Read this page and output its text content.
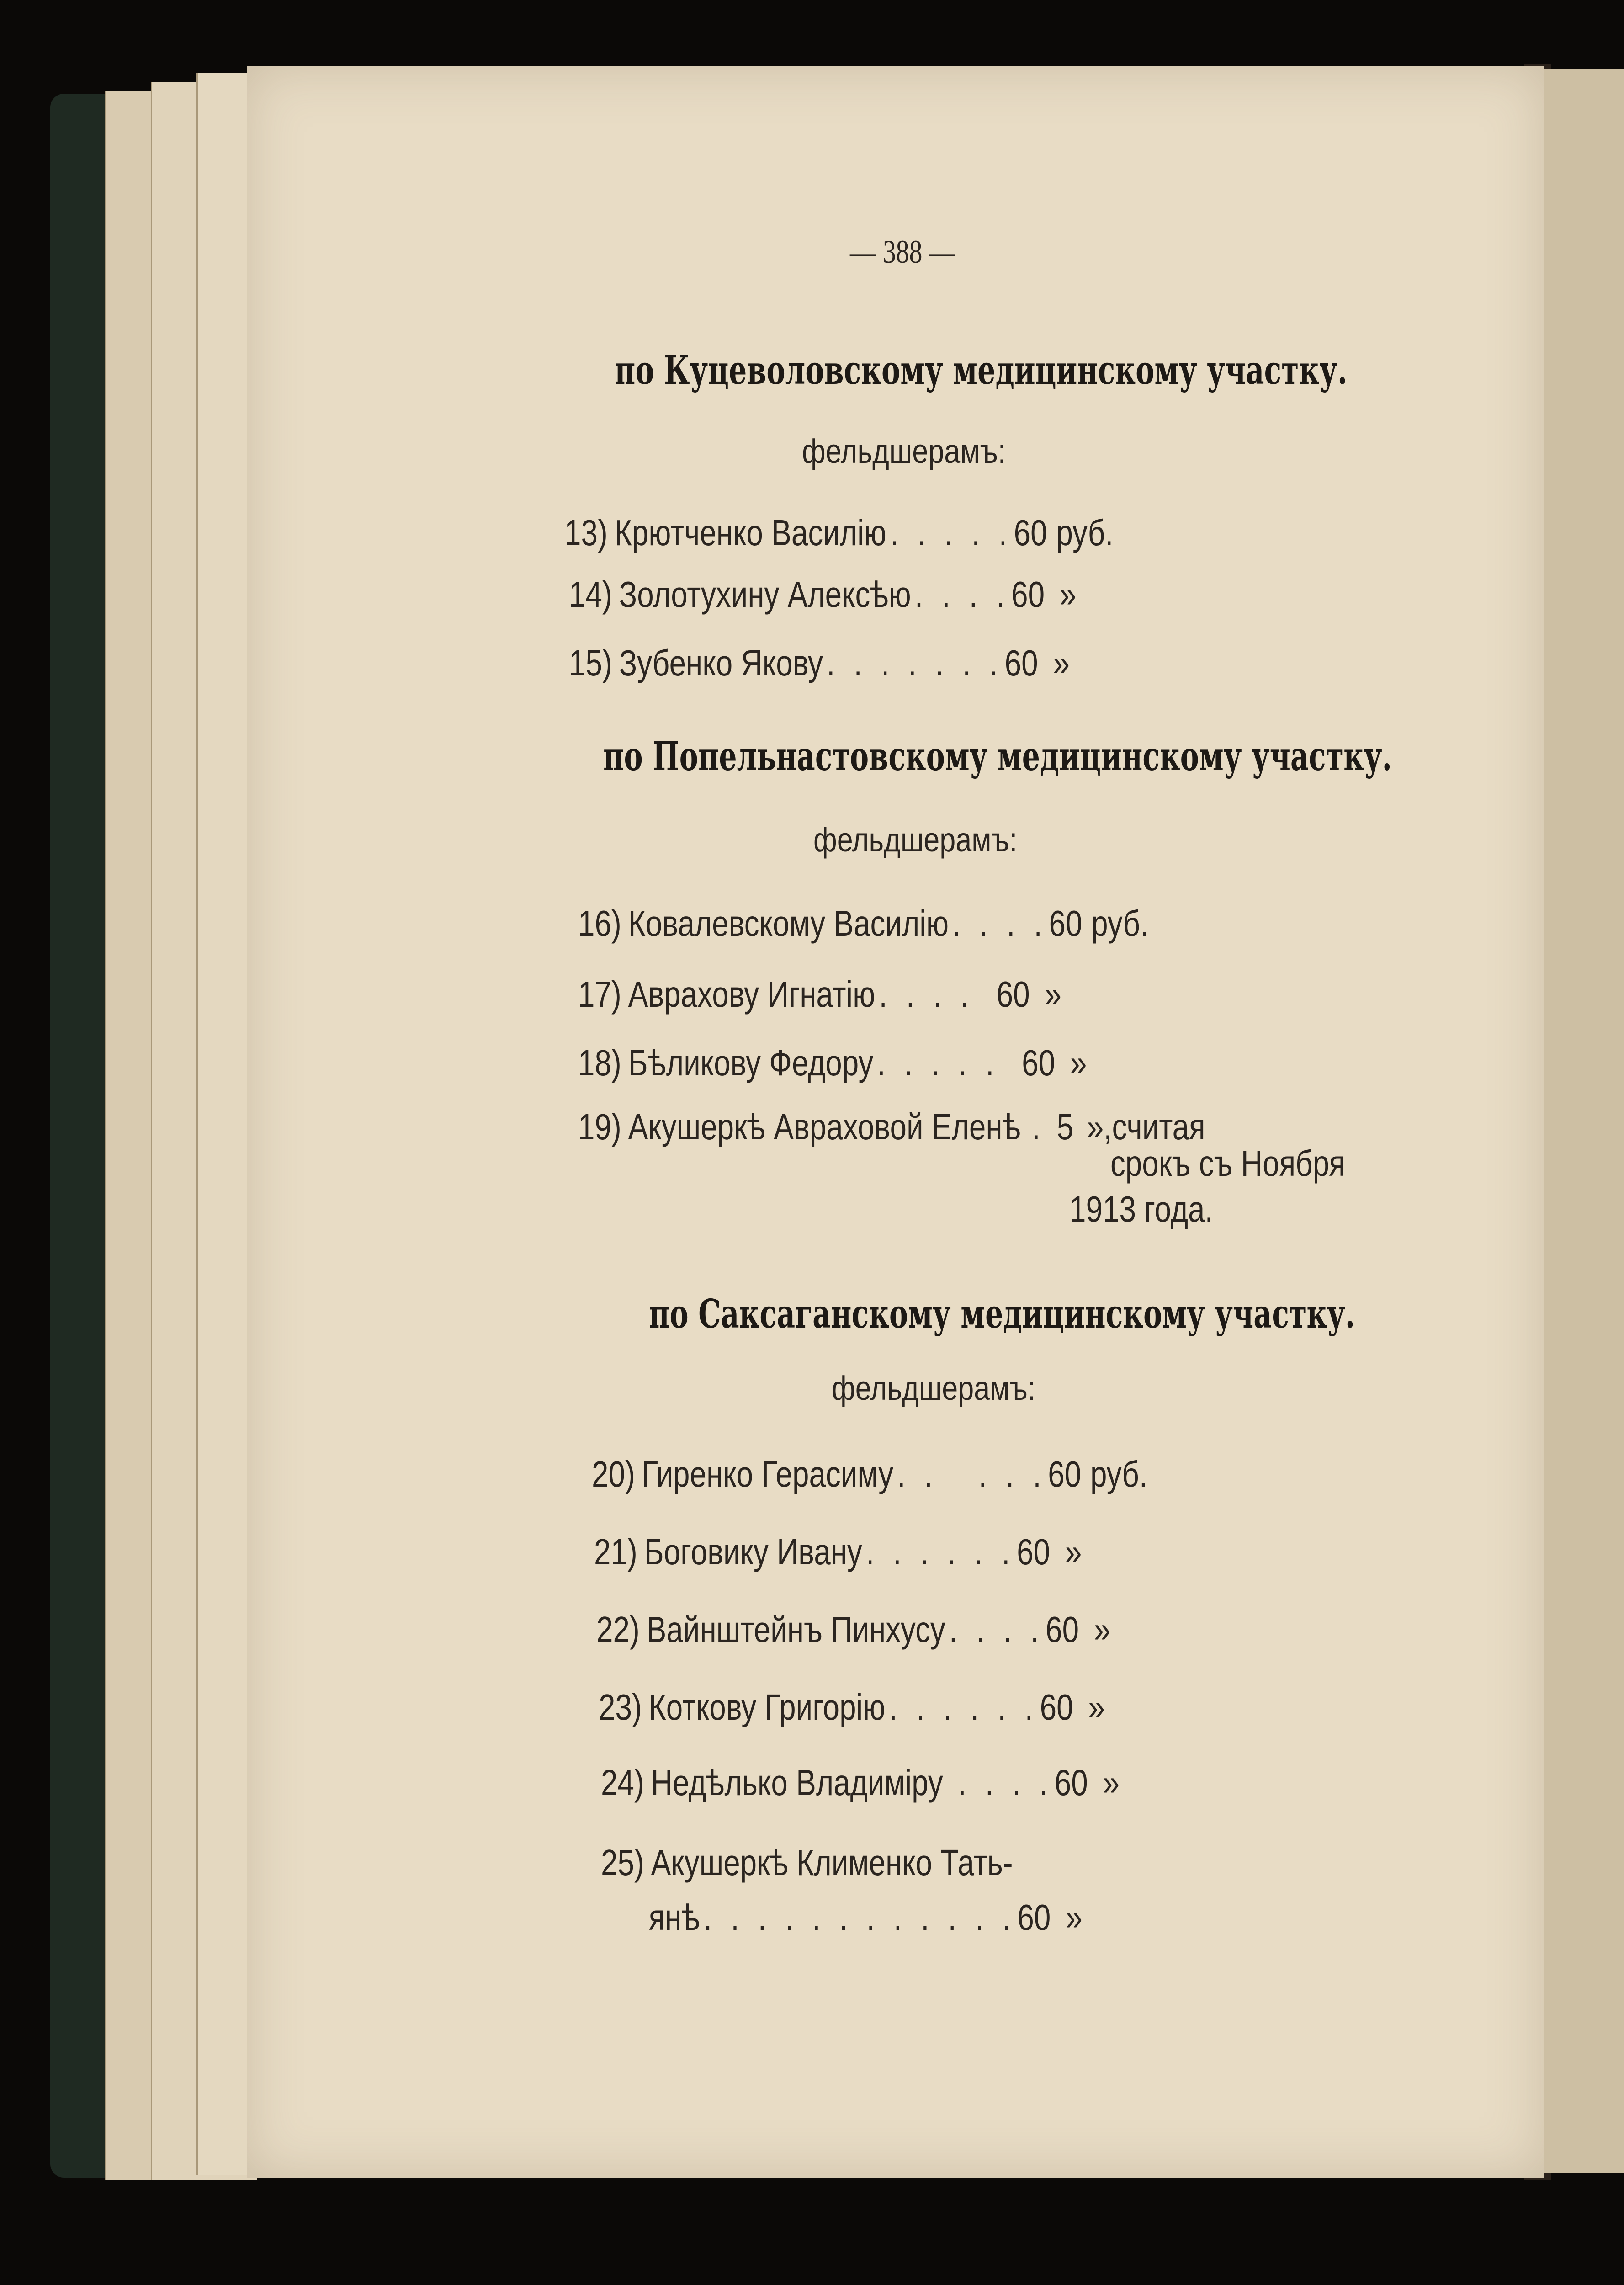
— 388 —
по Куцеволовскому медицинскому участку.
фельдшерамъ:
13) Крютченко Василію . . . . .60 руб.
14) Золотухину Алексѣю . . . .60 »
15) Зубенко Якову . . . . . . .60 »
по Попельнастовскому медицинскому участку.
фельдшерамъ:
16) Ковалевскому Василію . . . .60 руб.
17) Аврахову Игнатію . . . . 60 »
18) Бѣликову Федору . . . . . 60 »
19) Акушеркѣ Авраховой Еленѣ . 5 »,считая
срокъ съ Ноября
1913 года.
по Саксаганскому медицинскому участку.
фельдшерамъ:
20) Гиренко Герасиму . .   . . .60 руб.
21) Боговику Ивану . . . . . .60 »
22) Вайнштейнъ Пинхусу . . . .60 »
23) Коткову Григорію . . . . . .60 »
24) Недѣлько Владиміру . . . .60 »
25) Акушеркѣ Клименко Тать-
янѣ . . . . . . . . . . . .60 »
